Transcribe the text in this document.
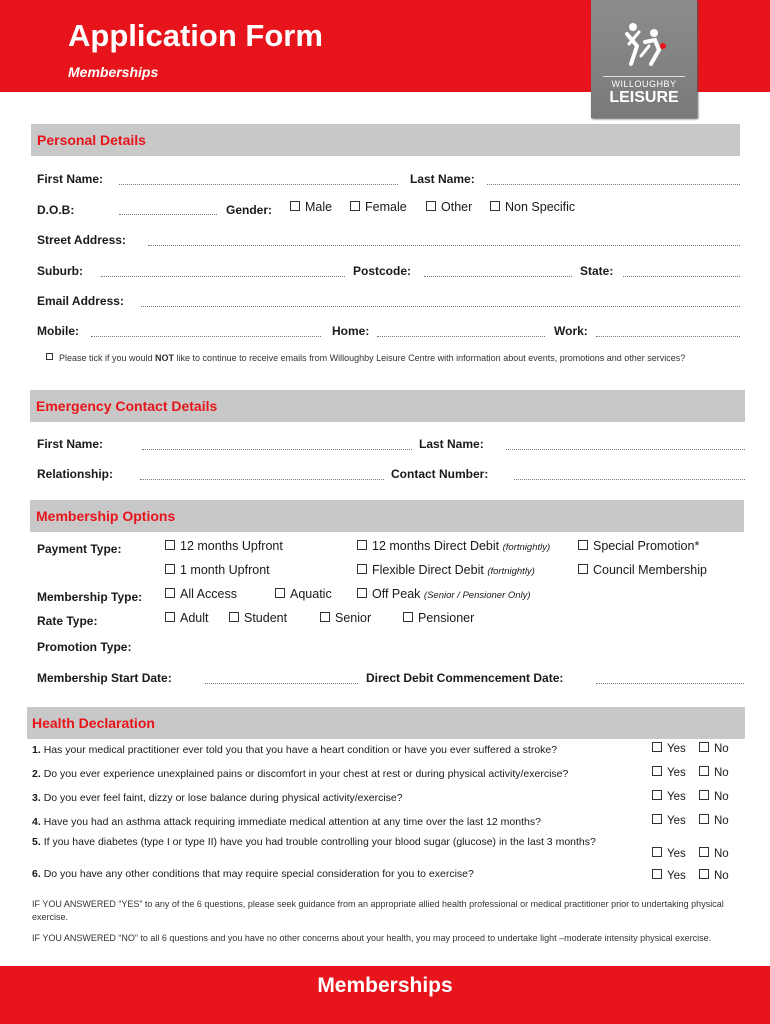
Application Form
Memberships
WILLOUGHBY
LEISURE
Personal Details
First Name:	Last Name:
D.O.B:	Gender:	Male	Female	Other	Non Specific
Street Address:
Suburb:	Postcode:	State:
Email Address:
Mobile:	Home:	Work:
Please tick if you would NOT like to continue to receive emails from Willoughby Leisure Centre with information about events, promotions and other services?
Emergency Contact Details
First Name:	Last Name:
Relationship:	Contact Number:
Membership Options
Payment Type:	12 months Upfront	12 months Direct Debit (fortnightly)	Special Promotion*
1 month Upfront	Flexible Direct Debit (fortnightly)	Council Membership
Membership Type:	All Access	Aquatic	Off Peak (Senior / Pensioner Only)
Rate Type:	Adult	Student	Senior	Pensioner
Promotion Type:
Membership Start Date:	Direct Debit Commencement Date:
Health Declaration
1. Has your medical practitioner ever told you that you have a heart condition or have you ever suffered a stroke?	Yes	No
2. Do you ever experience unexplained pains or discomfort in your chest at rest or during physical activity/exercise?	Yes	No
3. Do you ever feel faint, dizzy or lose balance during physical activity/exercise?	Yes	No
4. Have you had an asthma attack requiring immediate medical attention at any time over the last 12 months?	Yes	No
5. If you have diabetes (type I or type II) have you had trouble controlling your blood sugar (glucose) in the last 3 months?
Yes	No
6. Do you have any other conditions that may require special consideration for you to exercise?	Yes	No
IF YOU ANSWERED “YES” to any of the 6 questions, please seek guidance from an appropriate allied health professional or medical practitioner prior to undertaking physical exercise.
IF YOU ANSWERED “NO” to all 6 questions and you have no other concerns about your health, you may proceed to undertake light –moderate intensity physical exercise.
Memberships
